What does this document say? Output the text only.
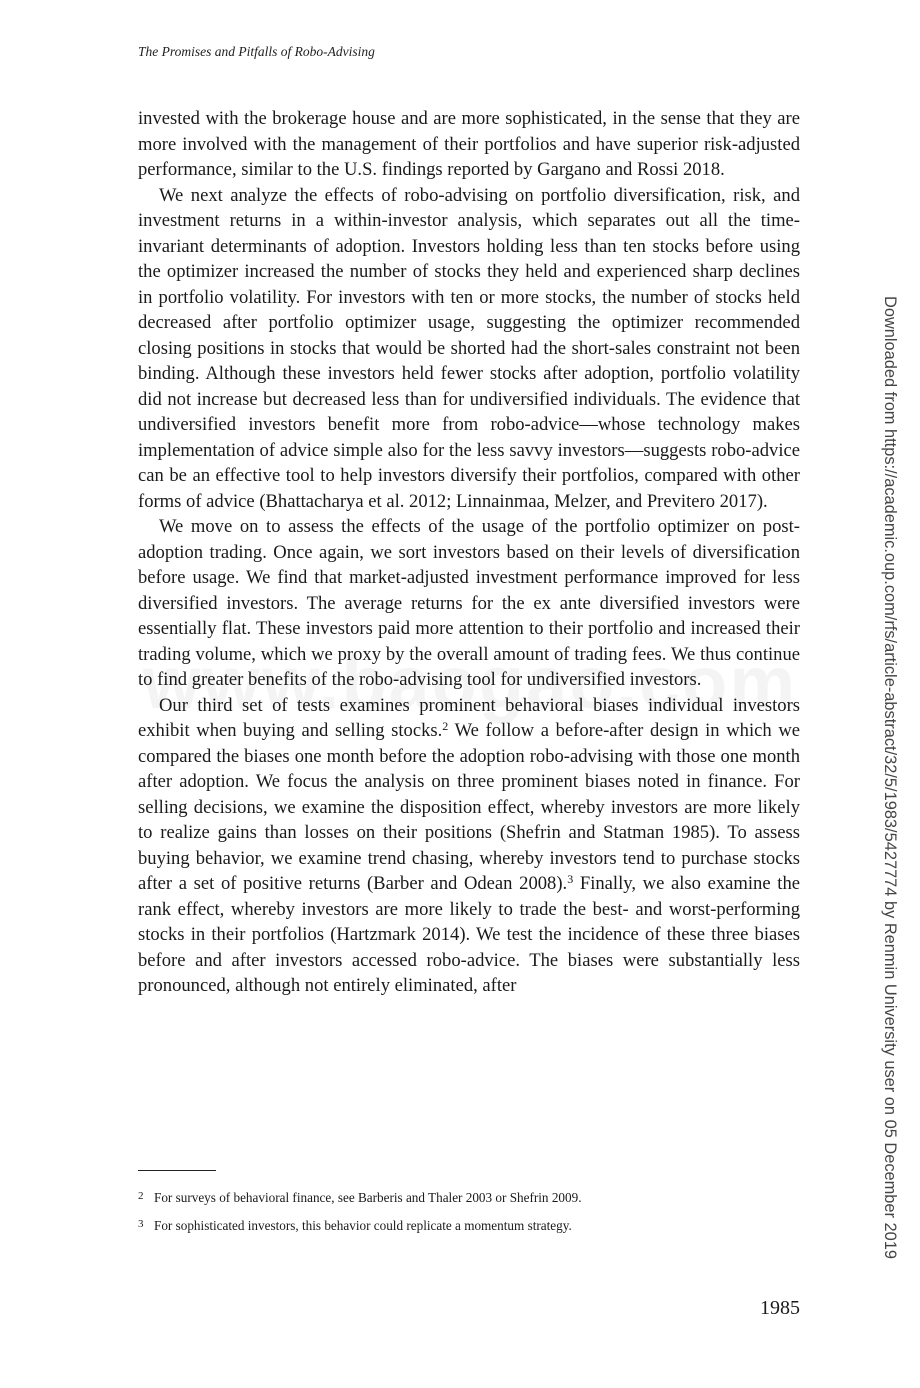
The Promises and Pitfalls of Robo-Advising

invested with the brokerage house and are more sophisticated, in the sense that they are more involved with the management of their portfolios and have superior risk-adjusted performance, similar to the U.S. findings reported by Gargano and Rossi 2018.

We next analyze the effects of robo-advising on portfolio diversification, risk, and investment returns in a within-investor analysis, which separates out all the time-invariant determinants of adoption. Investors holding less than ten stocks before using the optimizer increased the number of stocks they held and experienced sharp declines in portfolio volatility. For investors with ten or more stocks, the number of stocks held decreased after portfolio optimizer usage, suggesting the optimizer recommended closing positions in stocks that would be shorted had the short-sales constraint not been binding. Although these investors held fewer stocks after adoption, portfolio volatility did not increase but decreased less than for undiversified individuals. The evidence that undiversified investors benefit more from robo-advice—whose technology makes implementation of advice simple also for the less savvy investors—suggests robo-advice can be an effective tool to help investors diversify their portfolios, compared with other forms of advice (Bhattacharya et al. 2012; Linnainmaa, Melzer, and Previtero 2017).

We move on to assess the effects of the usage of the portfolio optimizer on post-adoption trading. Once again, we sort investors based on their levels of diversification before usage. We find that market-adjusted investment performance improved for less diversified investors. The average returns for the ex ante diversified investors were essentially flat. These investors paid more attention to their portfolio and increased their trading volume, which we proxy by the overall amount of trading fees. We thus continue to find greater benefits of the robo-advising tool for undiversified investors.

Our third set of tests examines prominent behavioral biases individual investors exhibit when buying and selling stocks.$^2$ We follow a before-after design in which we compared the biases one month before the adoption robo-advising with those one month after adoption. We focus the analysis on three prominent biases noted in finance. For selling decisions, we examine the disposition effect, whereby investors are more likely to realize gains than losses on their positions (Shefrin and Statman 1985). To assess buying behavior, we examine trend chasing, whereby investors tend to purchase stocks after a set of positive returns (Barber and Odean 2008).$^3$ Finally, we also examine the rank effect, whereby investors are more likely to trade the best- and worst-performing stocks in their portfolios (Hartzmark 2014). We test the incidence of these three biases before and after investors accessed robo-advice. The biases were substantially less pronounced, although not entirely eliminated, after

2 For surveys of behavioral finance, see Barberis and Thaler 2003 or Shefrin 2009.
3 For sophisticated investors, this behavior could replicate a momentum strategy.
1985
Downloaded from https://academic.oup.com/rfs/article-abstract/32/5/1983/5427774 by Renmin University user on 05 December 2019
